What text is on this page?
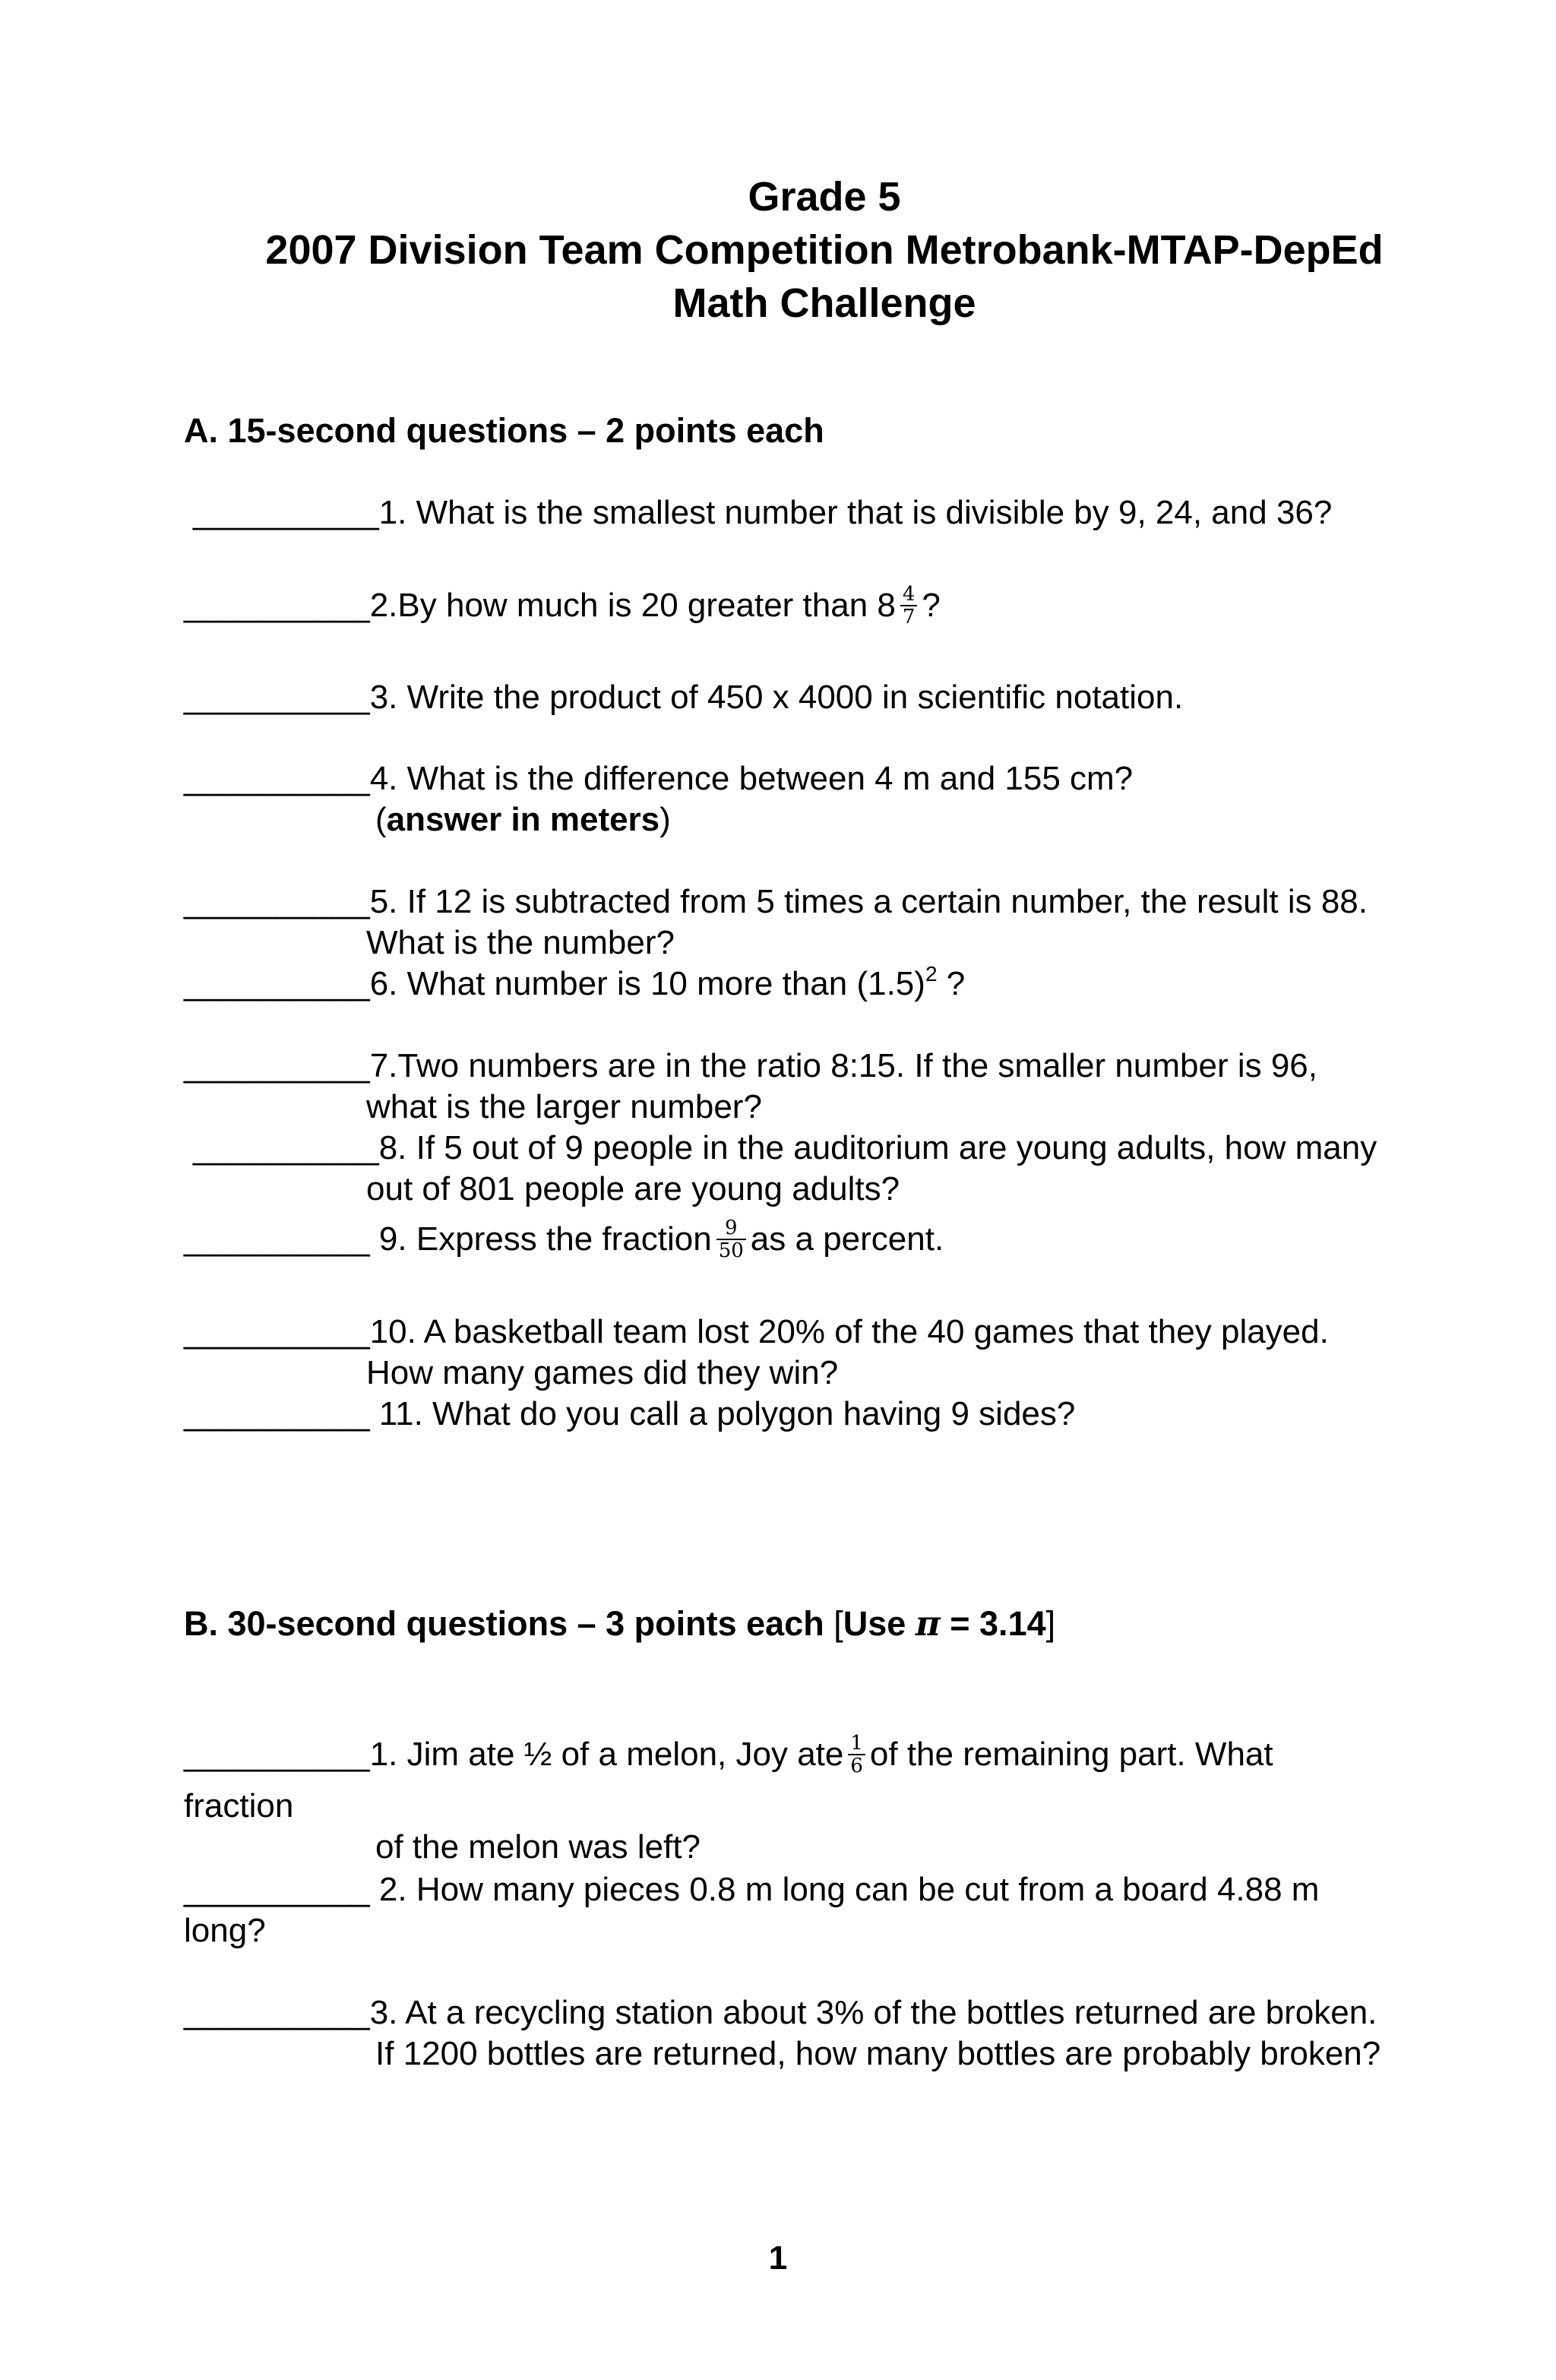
Grade 5
2007 Division Team Competition Metrobank-MTAP-DepEd
Math Challenge
A. 15-second questions – 2 points each
__________1. What is the smallest number that is divisible by 9, 24, and 36?
__________2.By how much is 20 greater than $8 \frac{4}{7}$ ?
__________3. Write the product of 450 x 4000 in scientific notation.
__________4. What is the difference between 4 m and 155 cm?
(answer in meters)
__________5. If 12 is subtracted from 5 times a certain number, the result is 88.
What is the number?
__________6. What number is 10 more than $(1.5)^2$ ?
__________7.Two numbers are in the ratio 8:15. If the smaller number is 96,
what is the larger number?
__________8. If 5 out of 9 people in the auditorium are young adults, how many
out of 801 people are young adults?
__________ 9. Express the fraction $\frac{9}{50}$ as a percent.
__________10. A basketball team lost 20% of the 40 games that they played.
How many games did they win?
__________ 11. What do you call a polygon having 9 sides?
B. 30-second questions – 3 points each [Use π = 3.14]
__________1. Jim ate ½ of a melon, Joy ate $\frac{1}{6}$ of the remaining part. What
fraction
of the melon was left?
__________ 2. How many pieces 0.8 m long can be cut from a board 4.88 m
long?
__________3. At a recycling station about 3% of the bottles returned are broken.
If 1200 bottles are returned, how many bottles are probably broken?
1
